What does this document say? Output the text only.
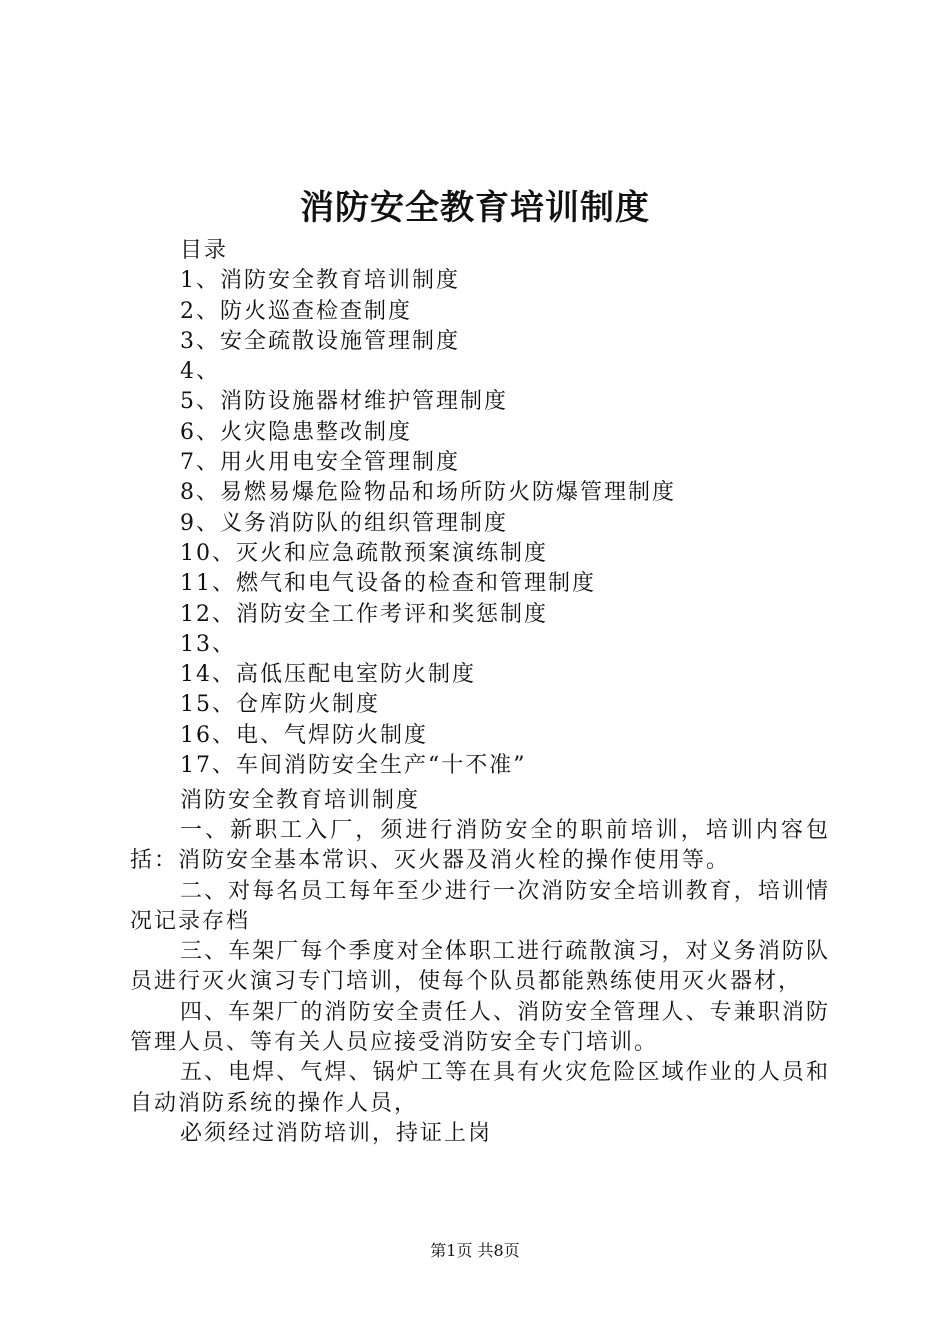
消防安全教育培训制度
目录
1、消防安全教育培训制度
2、防火巡查检查制度
3、安全疏散设施管理制度
4、
5、消防设施器材维护管理制度
6、火灾隐患整改制度
7、用火用电安全管理制度
8、易燃易爆危险物品和场所防火防爆管理制度
9、义务消防队的组织管理制度
10、灭火和应急疏散预案演练制度
11、燃气和电气设备的检查和管理制度
12、消防安全工作考评和奖惩制度
13、
14、高低压配电室防火制度
15、仓库防火制度
16、电、气焊防火制度
17、车间消防安全生产“十不准”
消防安全教育培训制度

一、新职工入厂，须进行消防安全的职前培训，培训内容包括：消防安全基本常识、灭火器及消火栓的操作使用等。

二、对每名员工每年至少进行一次消防安全培训教育，培训情况记录存档

三、车架厂每个季度对全体职工进行疏散演习，对义务消防队员进行灭火演习专门培训，使每个队员都能熟练使用灭火器材，

四、车架厂的消防安全责任人、消防安全管理人、专兼职消防管理人员、等有关人员应接受消防安全专门培训。

五、电焊、气焊、锅炉工等在具有火灾危险区域作业的人员和自动消防系统的操作人员，

必须经过消防培训，持证上岗

第1页 共8页
